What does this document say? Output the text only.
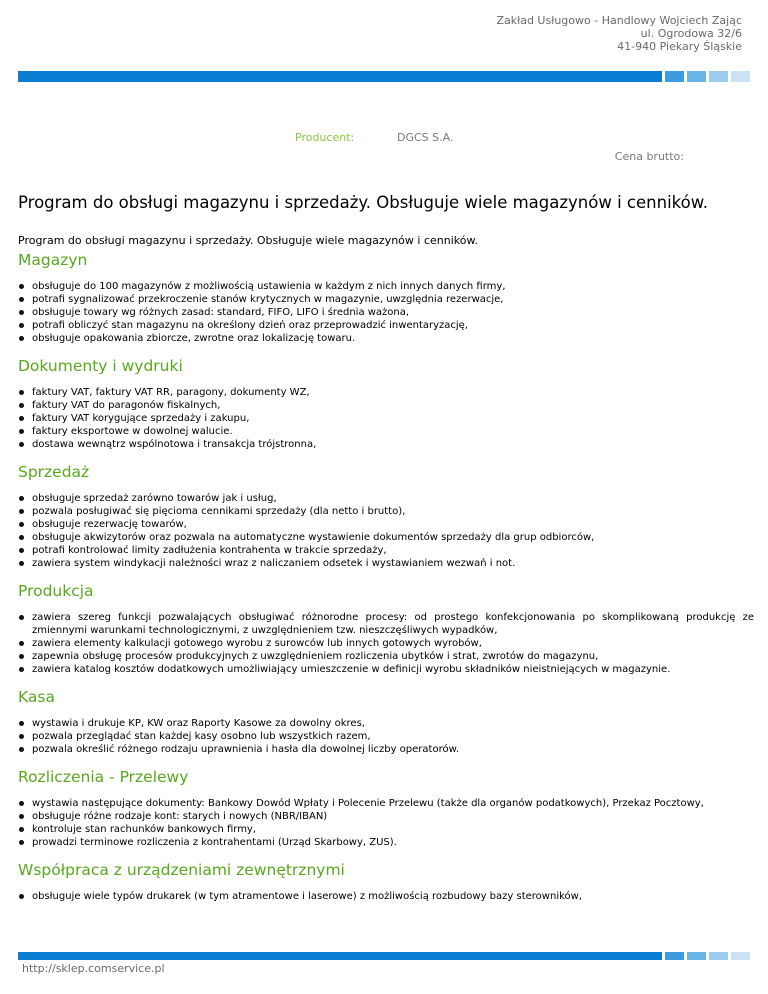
Zakład Usługowo - Handlowy Wojciech Zając
ul. Ogrodowa 32/6
41-940 Piekary Śląskie
Producent:	DGCS S.A.
Cena brutto:
Program do obsługi magazynu i sprzedaży. Obsługuje wiele magazynów i cenników.

Program do obsługi magazynu i sprzedaży. Obsługuje wiele magazynów i cenników.

Magazyn
obsługuje do 100 magazynów z możliwością ustawienia w każdym z nich innych danych firmy,
potrafi sygnalizować przekroczenie stanów krytycznych w magazynie, uwzględnia rezerwacje,
obsługuje towary wg różnych zasad: standard, FIFO, LIFO i średnia ważona,
potrafi obliczyć stan magazynu na określony dzień oraz przeprowadzić inwentaryzację,
obsługuje opakowania zbiorcze, zwrotne oraz lokalizację towaru.
Dokumenty i wydruki
faktury VAT, faktury VAT RR, paragony, dokumenty WZ,
faktury VAT do paragonów fiskalnych,
faktury VAT korygujące sprzedaży i zakupu,
faktury eksportowe w dowolnej walucie.
dostawa wewnątrz wspólnotowa i transakcja trójstronna,
Sprzedaż
obsługuje sprzedaż zarówno towarów jak i usług,
pozwala posługiwać się pięcioma cennikami sprzedaży (dla netto i brutto),
obsługuje rezerwację towarów,
obsługuje akwizytorów oraz pozwala na automatyczne wystawienie dokumentów sprzedaży dla grup odbiorców,
potrafi kontrolować limity zadłużenia kontrahenta w trakcie sprzedaży,
zawiera system windykacji należności wraz z naliczaniem odsetek i wystawianiem wezwań i not.
Produkcja
zawiera szereg funkcji pozwalających obsługiwać różnorodne procesy: od prostego konfekcjonowania po skomplikowaną produkcję ze zmiennymi warunkami technologicznymi, z uwzględnieniem tzw. nieszczęśliwych wypadków,
zawiera elementy kalkulacji gotowego wyrobu z surowców lub innych gotowych wyrobów,
zapewnia obsługę procesów produkcyjnych z uwzględnieniem rozliczenia ubytków i strat, zwrotów do magazynu,
zawiera katalog kosztów dodatkowych umożliwiający umieszczenie w definicji wyrobu składników nieistniejących w magazynie.
Kasa
wystawia i drukuje KP, KW oraz Raporty Kasowe za dowolny okres,
pozwala przeglądać stan każdej kasy osobno lub wszystkich razem,
pozwala określić różnego rodzaju uprawnienia i hasła dla dowolnej liczby operatorów.
Rozliczenia - Przelewy
wystawia następujące dokumenty: Bankowy Dowód Wpłaty i Polecenie Przelewu (także dla organów podatkowych), Przekaz Pocztowy,
obsługuje różne rodzaje kont: starych i nowych (NBR/IBAN)
kontroluje stan rachunków bankowych firmy,
prowadzi terminowe rozliczenia z kontrahentami (Urząd Skarbowy, ZUS).
Współpraca z urządzeniami zewnętrznymi
obsługuje wiele typów drukarek (w tym atramentowe i laserowe) z możliwością rozbudowy bazy sterowników,
http://sklep.comservice.pl
